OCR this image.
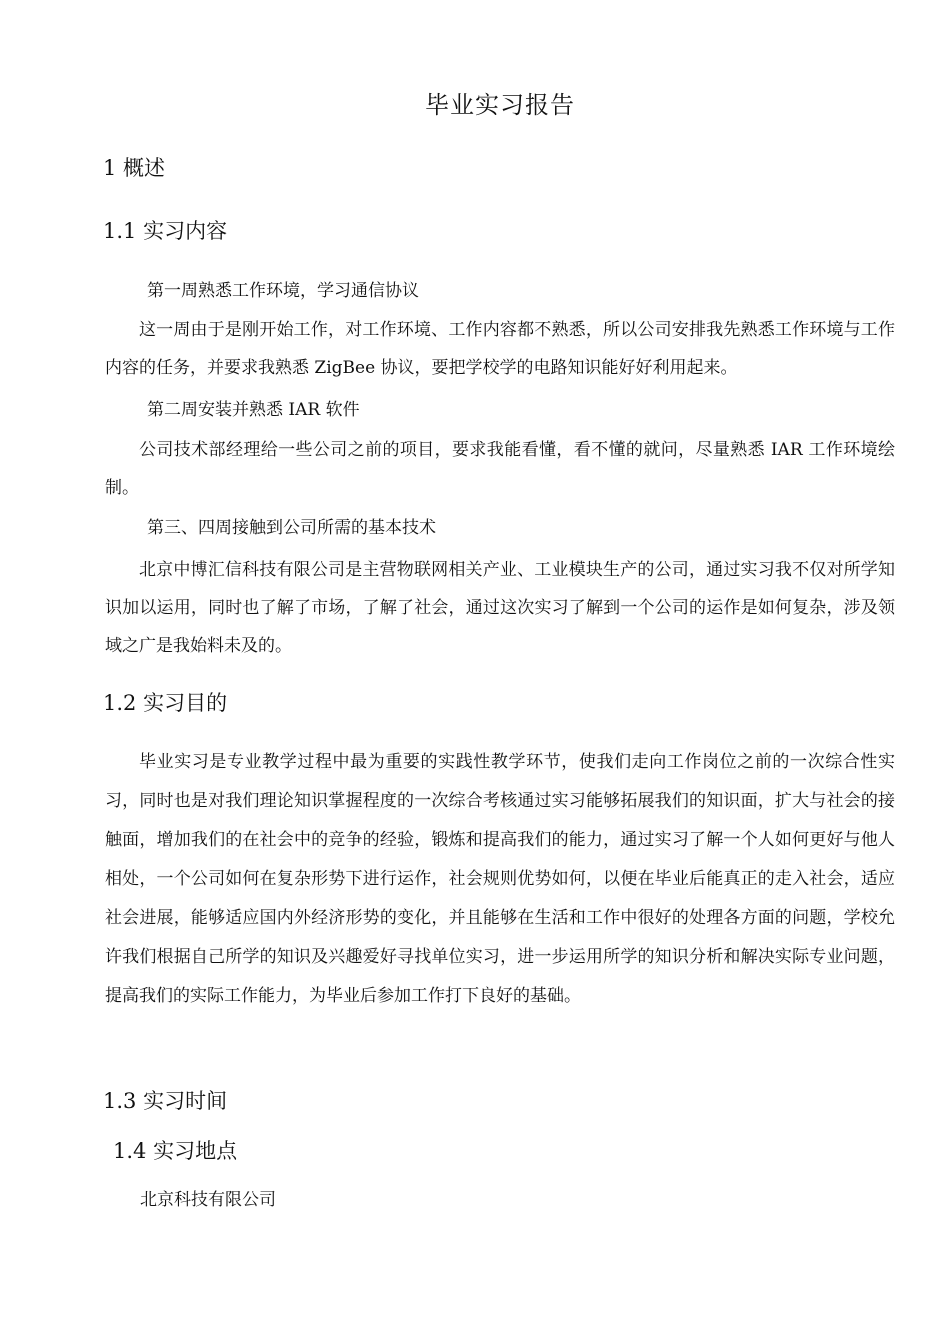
毕业实习报告
1 概述
1.1 实习内容
第一周熟悉工作环境，学习通信协议

这一周由于是刚开始工作，对工作环境、工作内容都不熟悉，所以公司安排我先熟悉工作环境与工作内容的任务，并要求我熟悉 ZigBee 协议，要把学校学的电路知识能好好利用起来。

第二周安装并熟悉 IAR 软件

公司技术部经理给一些公司之前的项目，要求我能看懂，看不懂的就问，尽量熟悉 IAR 工作环境绘制。

第三、四周接触到公司所需的基本技术

北京中博汇信科技有限公司是主营物联网相关产业、工业模块生产的公司，通过实习我不仅对所学知识加以运用，同时也了解了市场，了解了社会，通过这次实习了解到一个公司的运作是如何复杂，涉及领域之广是我始料未及的。

1.2 实习目的

毕业实习是专业教学过程中最为重要的实践性教学环节，使我们走向工作岗位之前的一次综合性实习，同时也是对我们理论知识掌握程度的一次综合考核通过实习能够拓展我们的知识面，扩大与社会的接触面，增加我们的在社会中的竞争的经验，锻炼和提高我们的能力，通过实习了解一个人如何更好与他人相处，一个公司如何在复杂形势下进行运作，社会规则优势如何，以便在毕业后能真正的走入社会，适应社会进展，能够适应国内外经济形势的变化，并且能够在生活和工作中很好的处理各方面的问题，学校允许我们根据自己所学的知识及兴趣爱好寻找单位实习，进一步运用所学的知识分析和解决实际专业问题，提高我们的实际工作能力，为毕业后参加工作打下良好的基础。

1.3 实习时间
1.4 实习地点
北京科技有限公司
